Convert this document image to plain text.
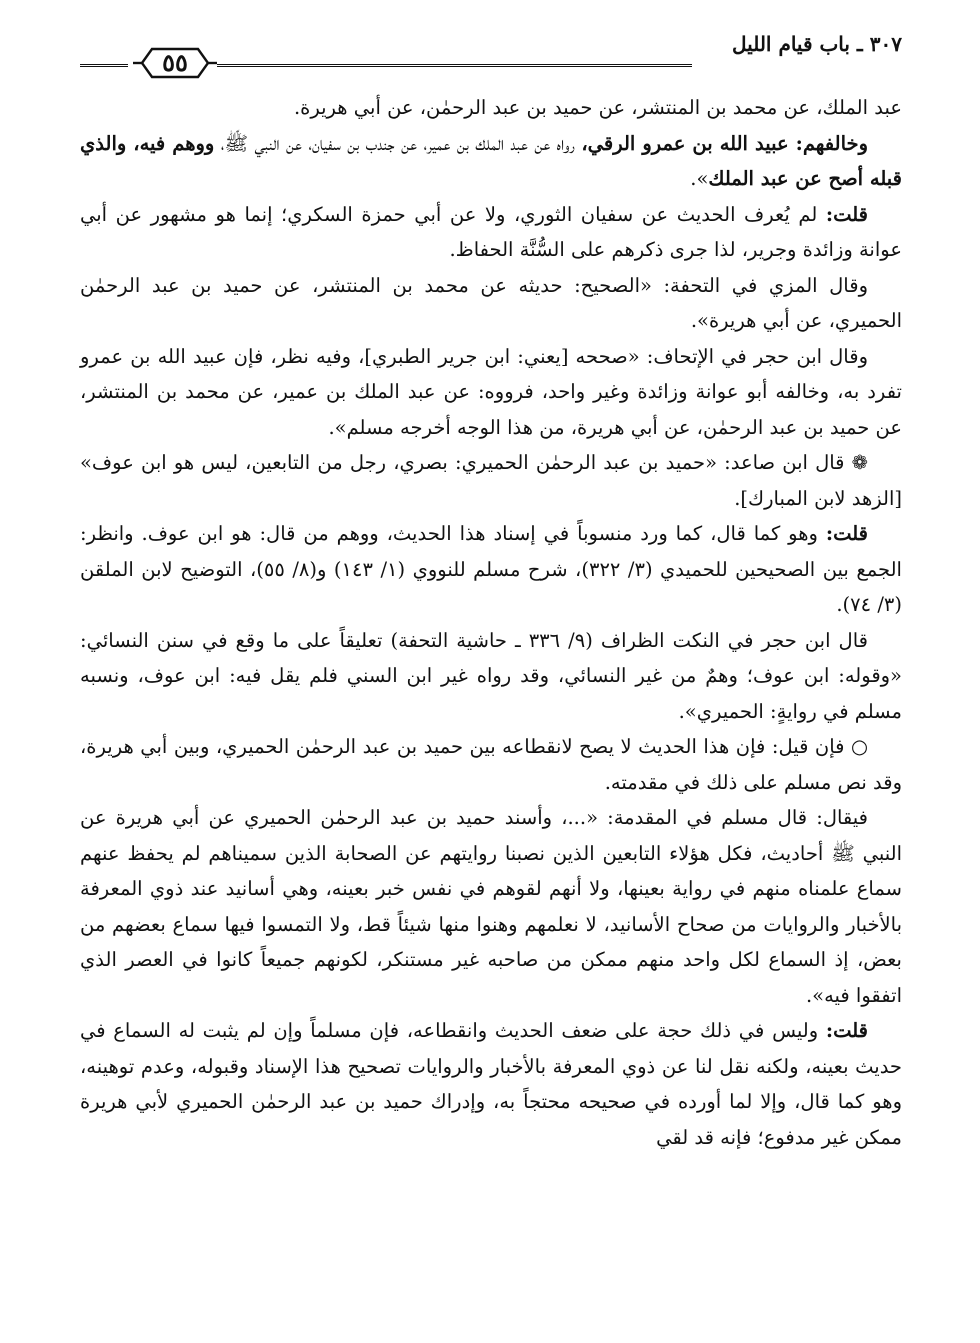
٣٠٧ ـ باب قيام الليل
٥٥

عبد الملك، عن محمد بن المنتشر، عن حميد بن عبد الرحمٰن، عن أبي هريرة.

وخالفهم: عبيد الله بن عمرو الرقي، رواه عن عبد الملك بن عمير، عن جندب بن سفيان، عن النبي ﷺ، ووهم فيه، والذي قبله أصح عن عبد الملك».

قلت: لم يُعرف الحديث عن سفيان الثوري، ولا عن أبي حمزة السكري؛ إنما هو مشهور عن أبي عوانة وزائدة وجرير، لذا جرى ذكرهم على السُّنَّة الحفاظ.

وقال المزي في التحفة: «الصحيح: حديثه عن محمد بن المنتشر، عن حميد بن عبد الرحمٰن الحميري، عن أبي هريرة».

وقال ابن حجر في الإتحاف: «صححه [يعني: ابن جرير الطبري]، وفيه نظر، فإن عبيد الله بن عمرو تفرد به، وخالفه أبو عوانة وزائدة وغير واحد، فرووه: عن عبد الملك بن عمير، عن محمد بن المنتشر، عن حميد بن عبد الرحمٰن، عن أبي هريرة، من هذا الوجه أخرجه مسلم».

❁ قال ابن صاعد: «حميد بن عبد الرحمٰن الحميري: بصري، رجل من التابعين، ليس هو ابن عوف» [الزهد لابن المبارك].

قلت: وهو كما قال، كما ورد منسوباً في إسناد هذا الحديث، ووهم من قال: هو ابن عوف. وانظر: الجمع بين الصحيحين للحميدي (٣/ ٣٢٢)، شرح مسلم للنووي (١/ ١٤٣) و(٨/ ٥٥)، التوضيح لابن الملقن (٣/ ٧٤).

قال ابن حجر في النكت الظراف (٩/ ٣٣٦ ـ حاشية التحفة) تعليقاً على ما وقع في سنن النسائي: «وقوله: ابن عوف؛ وهمٌ من غير النسائي، وقد رواه غير ابن السني فلم يقل فيه: ابن عوف، ونسبه مسلم في روايةٍ: الحميري».

○ فإن قيل: فإن هذا الحديث لا يصح لانقطاعه بين حميد بن عبد الرحمٰن الحميري، وبين أبي هريرة، وقد نص مسلم على ذلك في مقدمته.

فيقال: قال مسلم في المقدمة: «...، وأسند حميد بن عبد الرحمٰن الحميري عن أبي هريرة عن النبي ﷺ أحاديث، فكل هؤلاء التابعين الذين نصبنا روايتهم عن الصحابة الذين سميناهم لم يحفظ عنهم سماع علمناه منهم في رواية بعينها، ولا أنهم لقوهم في نفس خبر بعينه، وهي أسانيد عند ذوي المعرفة بالأخبار والروايات من صحاح الأسانيد، لا نعلمهم وهنوا منها شيئاً قط، ولا التمسوا فيها سماع بعضهم من بعض، إذ السماع لكل واحد منهم ممكن من صاحبه غير مستنكر، لكونهم جميعاً كانوا في العصر الذي اتفقوا فيه».

قلت: وليس في ذلك حجة على ضعف الحديث وانقطاعه، فإن مسلماً وإن لم يثبت له السماع في حديث بعينه، ولكنه نقل لنا عن ذوي المعرفة بالأخبار والروايات تصحيح هذا الإسناد وقبوله، وعدم توهينه، وهو كما قال، وإلا لما أورده في صحيحه محتجاً به، وإدراك حميد بن عبد الرحمٰن الحميري لأبي هريرة ممكن غير مدفوع؛ فإنه قد لقي
